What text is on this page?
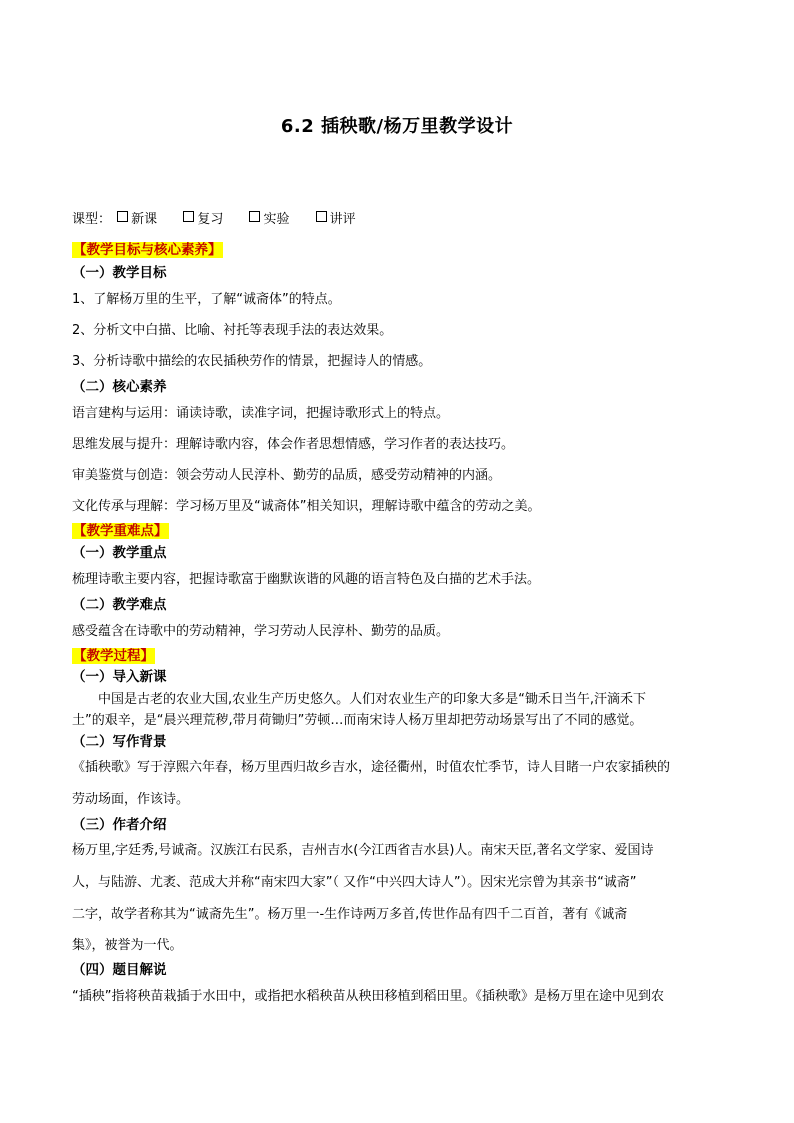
6.2 插秧歌/杨万里教学设计
课型： 新课	复习	实验	讲评
【教学目标与核心素养】
（一）教学目标
1、了解杨万里的生平，了解“诚斋体”的特点。
2、分析文中白描、比喻、衬托等表现手法的表达效果。
3、分析诗歌中描绘的农民插秧劳作的情景，把握诗人的情感。
（二）核心素养
语言建构与运用：诵读诗歌，读准字词，把握诗歌形式上的特点。
思维发展与提升：理解诗歌内容，体会作者思想情感，学习作者的表达技巧。
审美鉴赏与创造：领会劳动人民淳朴、勤劳的品质，感受劳动精神的内涵。
文化传承与理解：学习杨万里及“诚斋体”相关知识，理解诗歌中蕴含的劳动之美。
【教学重难点】
（一）教学重点
梳理诗歌主要内容，把握诗歌富于幽默诙谐的风趣的语言特色及白描的艺术手法。
（二）教学难点
感受蕴含在诗歌中的劳动精神，学习劳动人民淳朴、勤劳的品质。
【教学过程】
（一）导入新课
中国是古老的农业大国,农业生产历史悠久。人们对农业生产的印象大多是“锄禾日当午,汗滴禾下
土”的艰辛，是“晨兴理荒秽,带月荷锄归”劳顿…而南宋诗人杨万里却把劳动场景写出了不同的感觉。
（二）写作背景
《插秧歌》写于淳熙六年春，杨万里西归故乡吉水，途径衢州，时值农忙季节，诗人目睹一户农家插秧的
劳动场面，作该诗。
（三）作者介绍
杨万里,字廷秀,号诚斋。汉族江右民系，吉州吉水(今江西省吉水县)人。南宋天臣,著名文学家、爱国诗
人，与陆游、尤袤、范成大并称“南宋四大家”（ 又作“中兴四大诗人”）。因宋光宗曾为其亲书“诚斋”
二字，故学者称其为“诚斋先生”。杨万里一-生作诗两万多首,传世作品有四千二百首，著有《诚斋
集》，被誉为一代。
（四）题目解说
“插秧”指将秧苗栽插于水田中，或指把水稻秧苗从秧田移植到稻田里。《插秧歌》是杨万里在途中见到农
